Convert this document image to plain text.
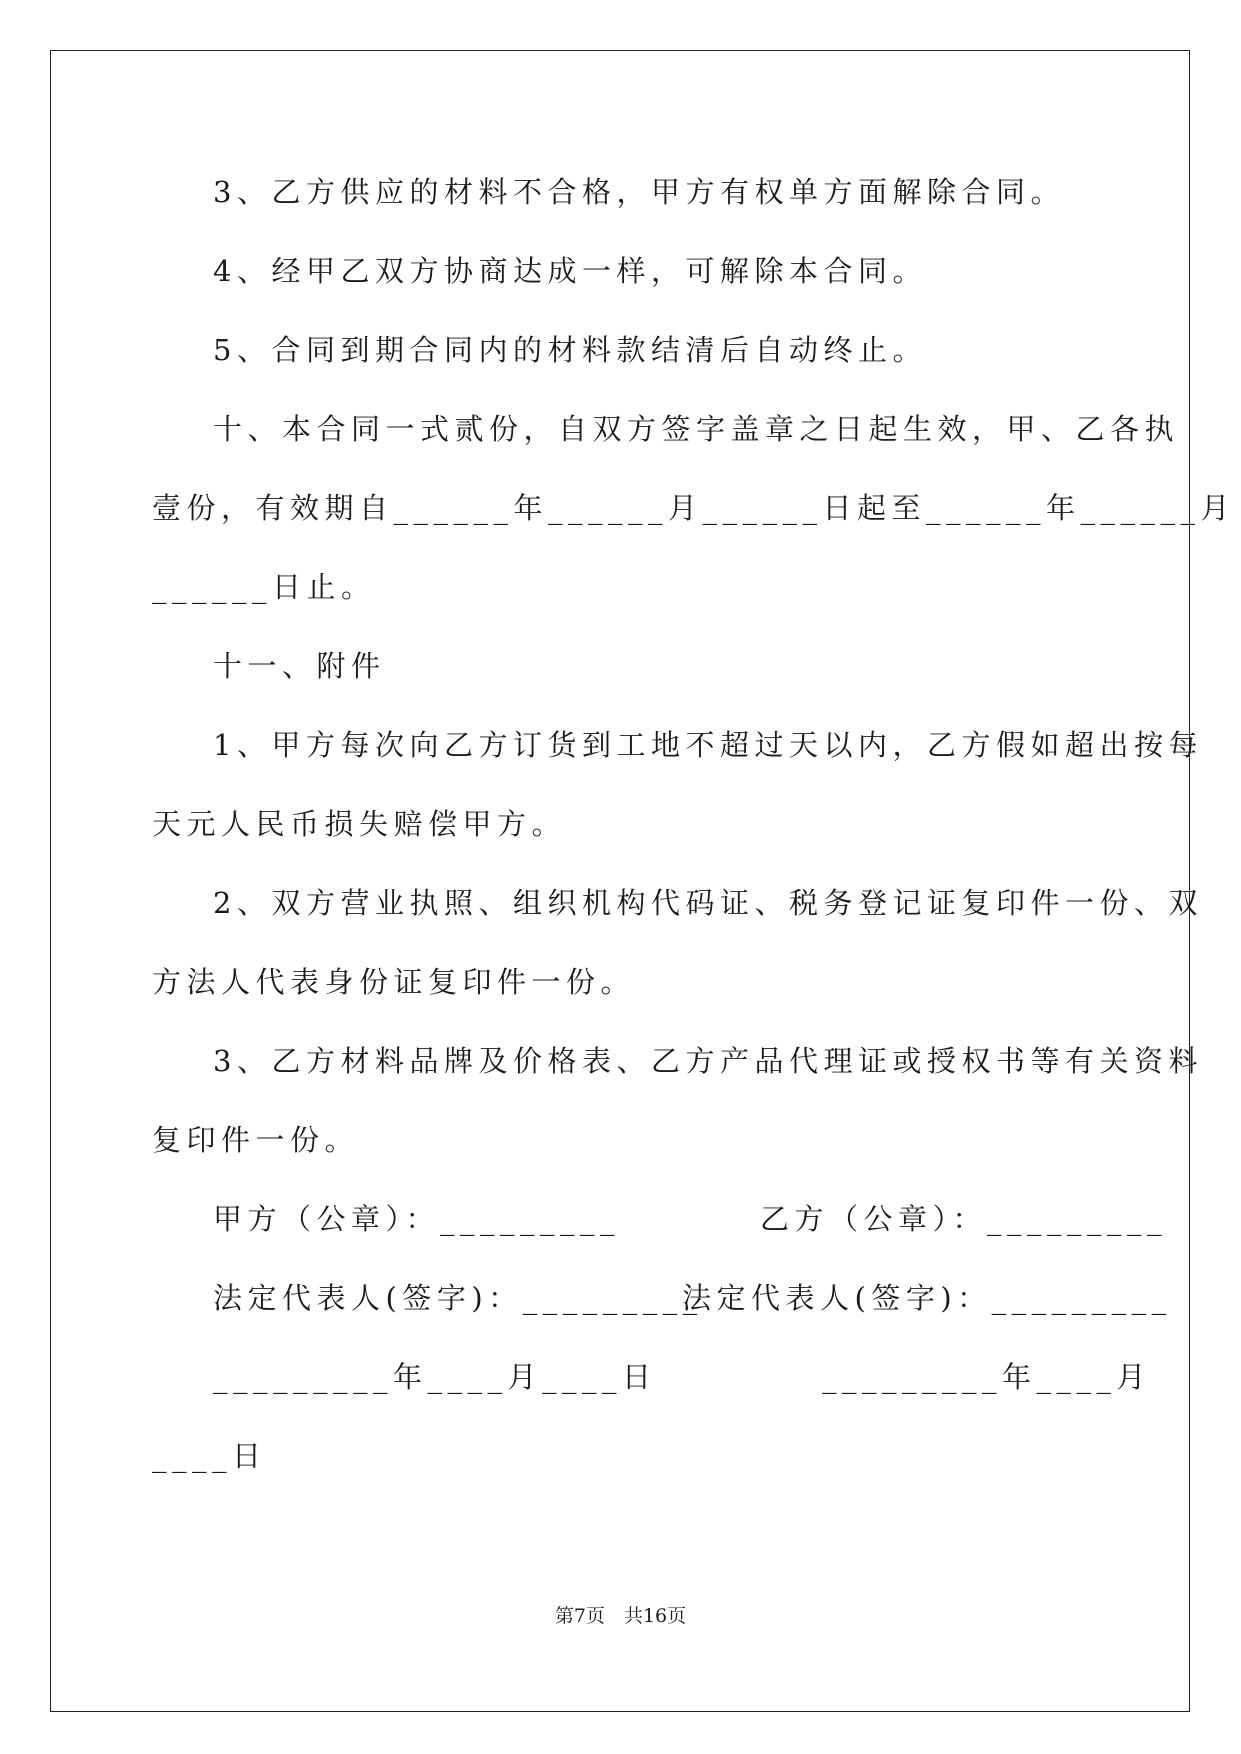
3、乙方供应的材料不合格，甲方有权单方面解除合同。
4、经甲乙双方协商达成一样，可解除本合同。
5、合同到期合同内的材料款结清后自动终止。
十、本合同一式贰份，自双方签字盖章之日起生效，甲、乙各执
壹份，有效期自______年______月______日起至______年______月
______日止。
十一、附件
1、甲方每次向乙方订货到工地不超过天以内，乙方假如超出按每
天元人民币损失赔偿甲方。
2、双方营业执照、组织机构代码证、税务登记证复印件一份、双
方法人代表身份证复印件一份。
3、乙方材料品牌及价格表、乙方产品代理证或授权书等有关资料
复印件一份。
甲方（公章）：_________	乙方（公章）：_________
法定代表人(签字)：_________
法定代表人(签字)：_________
_________年____月____日	_________年____月
____日
第7页　共16页
